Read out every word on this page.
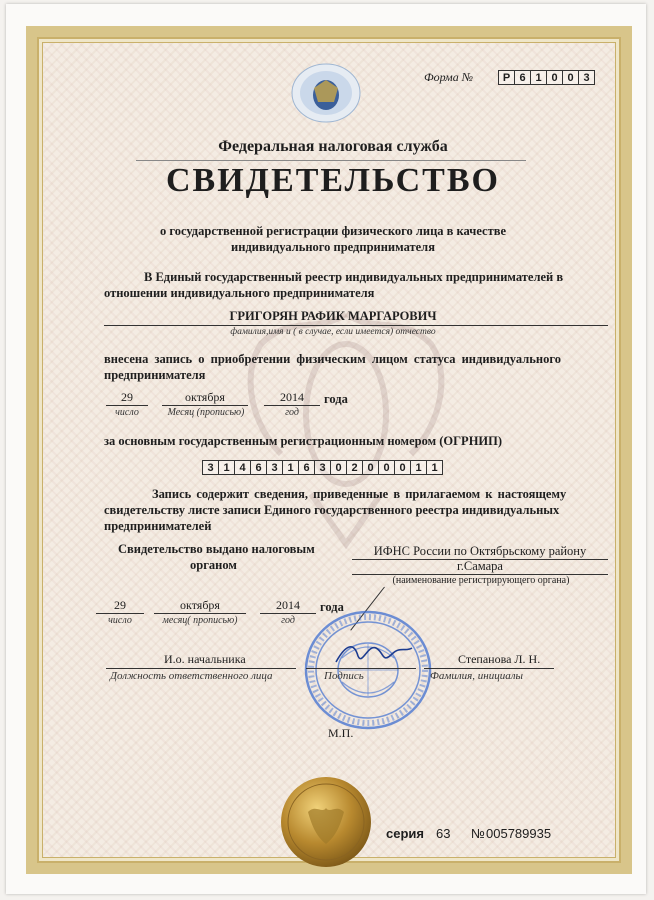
Форма №	Р 6 1 0 0 3
Федеральная налоговая служба
СВИДЕТЕЛЬСТВО
о государственной регистрации физического лица в качестве
индивидуального предпринимателя
В Единый государственный реестр индивидуальных предпринимателей в
отношении индивидуального предпринимателя
ГРИГОРЯН РАФИК МАРГАРОВИЧ
фамилия,имя и ( в случае, если имеется) отчество
внесена запись о приобретении физическим лицом статуса индивидуального
предпринимателя
29
число
октября
Месяц (прописью)
2014
год
года
за основным государственным регистрационным номером (ОГРНИП)
3 1 4 6 3 1 6 3 0 2 0 0 0 1 1
Запись содержит сведения, приведенные в прилагаемом к настоящему
свидетельству листе записи Единого государственного реестра индивидуальных
предпринимателей
Свидетельство выдано налоговым
органом
ИФНС России по Октябрьскому району
г.Самара
(наименование регистрирующего органа)
29
число
октября
месяц( прописью)
2014
год
года
И.о. начальника
Должность ответственного лица	Подпись
Степанова Л. Н.
Фамилия, инициалы
М.П.
серия 63 № 005789935
